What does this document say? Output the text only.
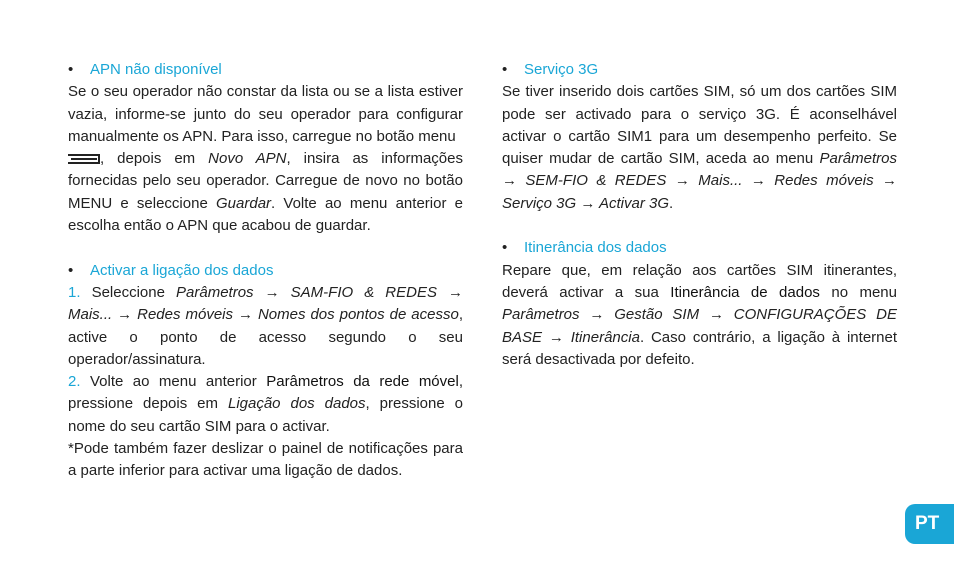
• APN não disponível

Se o seu operador não constar da lista ou se a lista estiver vazia, informe-se junto do seu operador para configurar manualmente os APN. Para isso, carregue no botão menu
, depois em Novo APN, insira as informações fornecidas pelo seu operador. Carregue de novo no botão MENU e seleccione Guardar. Volte ao menu anterior e escolha então o APN que acabou de guardar.

• Activar a ligação dos dados

1. Seleccione Parâmetros → SAM-FIO & REDES → Mais... → Redes móveis → Nomes dos pontos de acesso, active o ponto de acesso segundo o seu operador/assinatura.

2. Volte ao menu anterior Parâmetros da rede móvel, pressione depois em Ligação dos dados, pressione o nome do seu cartão SIM para o activar.

*Pode também fazer deslizar o painel de notificações para a parte inferior para activar uma ligação de dados.

• Serviço 3G

Se tiver inserido dois cartões SIM, só um dos cartões SIM pode ser activado para o serviço 3G. É aconselhável activar o cartão SIM1 para um desempenho perfeito. Se quiser mudar de cartão SIM, aceda ao menu Parâmetros → SEM-FIO & REDES → Mais... → Redes móveis → Serviço 3G → Activar 3G.

• Itinerância dos dados

Repare que, em relação aos cartões SIM itinerantes, deverá activar a sua Itinerância de dados no menu Parâmetros → Gestão SIM → CONFIGURAÇÕES DE BASE → Itinerância. Caso contrário, a ligação à internet será desactivada por defeito.

PT
